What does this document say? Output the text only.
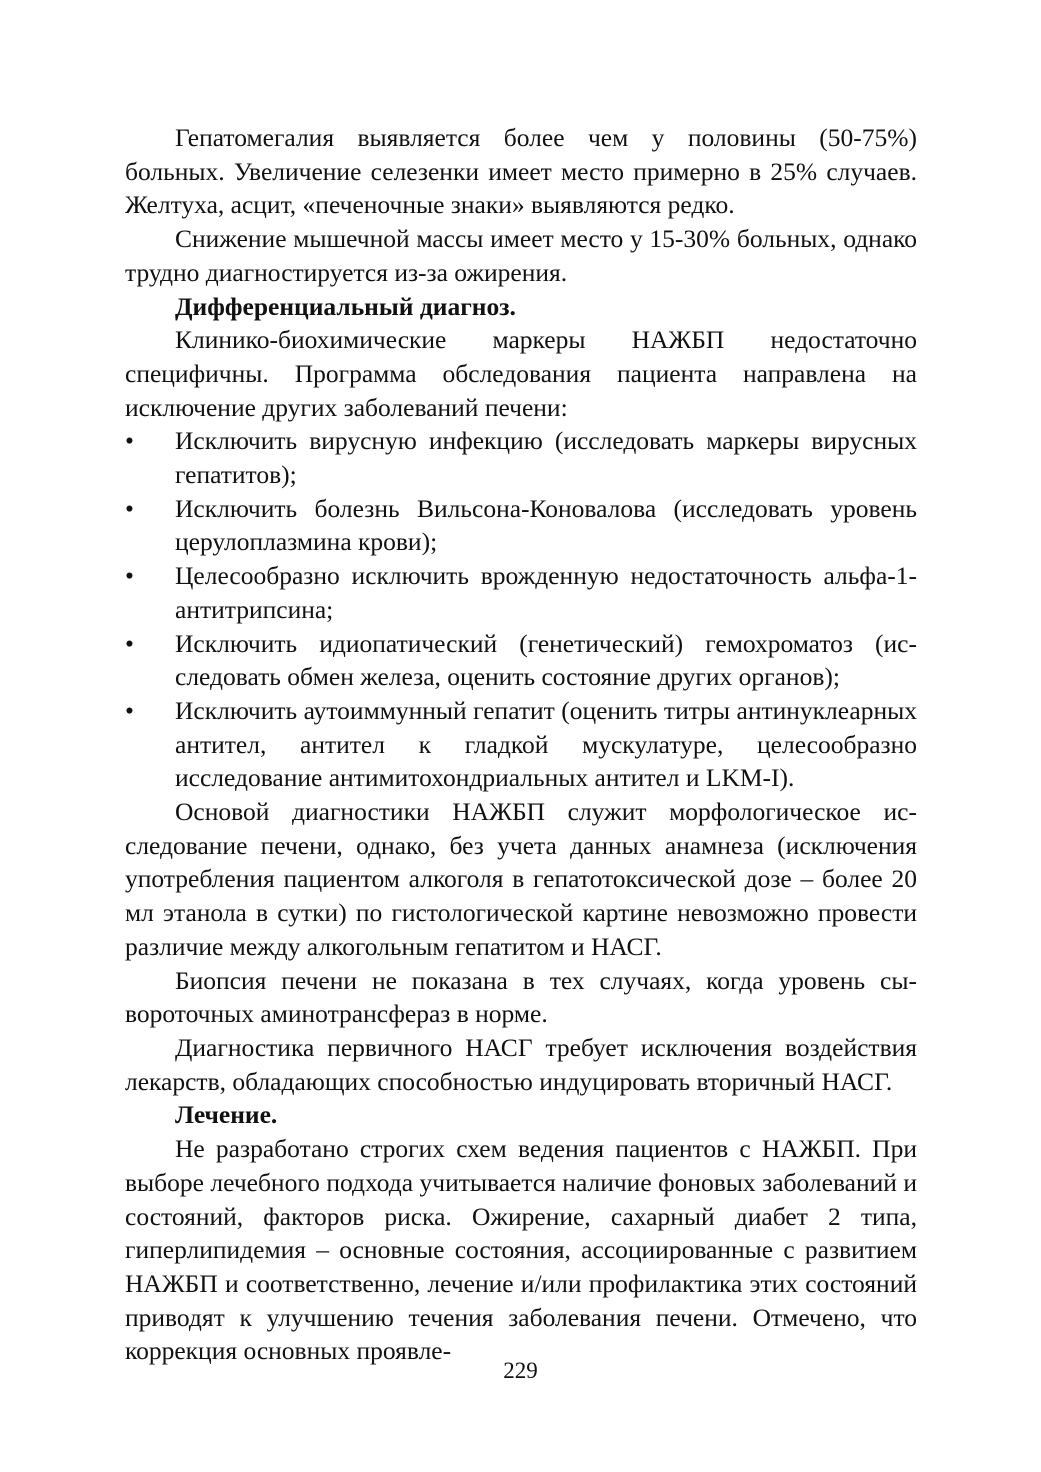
Гепатомегалия выявляется более чем у половины (50-75%) больных. Увеличение селезенки имеет место примерно в 25% случаев. Желтуха, асцит, «печеночные знаки» выявляются редко.

Снижение мышечной массы имеет место у 15-30% больных, однако трудно диагностируется из-за ожирения.

Дифференциальный диагноз.

Клинико-биохимические маркеры НАЖБП недостаточно специфичны. Программа обследования пациента направлена на исключение других заболеваний печени:

• Исключить вирусную инфекцию (исследовать маркеры вирусных гепатитов);
• Исключить болезнь Вильсона-Коновалова (исследовать уровень церулоплазмина крови);
• Целесообразно исключить врожденную недостаточность альфа-1-антитрипсина;
• Исключить идиопатический (генетический) гемохроматоз (исследовать обмен железа, оценить состояние других органов);
• Исключить аутоиммунный гепатит (оценить титры антинуклеарных антител, антител к гладкой мускулатуре, целесообразно исследование антимитохондриальных антител и LKM-I).

Основой диагностики НАЖБП служит морфологическое исследование печени, однако, без учета данных анамнеза (исключения употребления пациентом алкоголя в гепатотоксической дозе – более 20 мл этанола в сутки) по гистологической картине невозможно провести различие между алкогольным гепатитом и НАСГ.

Биопсия печени не показана в тех случаях, когда уровень сывороточных аминотрансфераз в норме.

Диагностика первичного НАСГ требует исключения воздействия лекарств, обладающих способностью индуцировать вторичный НАСГ.

Лечение.

Не разработано строгих схем ведения пациентов с НАЖБП. При выборе лечебного подхода учитывается наличие фоновых заболеваний и состояний, факторов риска. Ожирение, сахарный диабет 2 типа, гиперлипидемия – основные состояния, ассоциированные с развитием НАЖБП и соответственно, лечение и/или профилактика этих состояний приводят к улучшению течения заболевания печени. Отмечено, что коррекция основных проявле-

229
